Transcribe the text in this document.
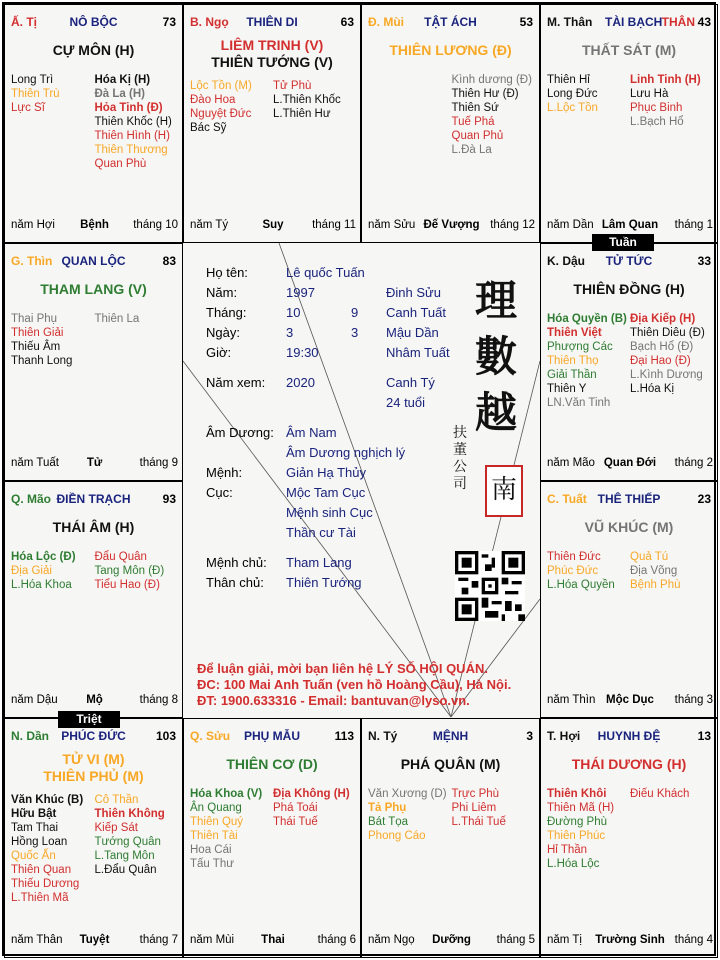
Ấ. Tị	NÔ BỘC	73
CỰ MÔN (H)
Long Trì
Thiên Trù
Lực Sĩ
Hóa Kị (H)
Đà La (H)
Hỏa Tinh (Đ)
Thiên Khốc (H)
Thiên Hình (H)
Thiên Thương
Quan Phù
năm Hợi	Bệnh	tháng 10
B. Ngọ	THIÊN DI	63
LIÊM TRINH (V)
THIÊN TƯỚNG (V)
Lộc Tồn (M)
Đào Hoa
Nguyệt Đức
Bác Sỹ
Tử Phù
L.Thiên Khốc
L.Thiên Hư
năm Tý	Suy	tháng 11
Đ. Mùi	TẬT ÁCH	53
THIÊN LƯƠNG (Đ)
Kình dương (Đ)
Thiên Hư (Đ)
Thiên Sứ
Tuế Phá
Quan Phủ
L.Đà La
năm Sửu Đế Vượng tháng 12
M. Thân TÀI BẠCH THÂN 43
THẤT SÁT (M)
Thiên Hỉ
Long Đức
L.Lộc Tồn
Linh Tinh (H)
Lưu Hà
Phục Binh
L.Bạch Hổ
năm Dần Lâm Quan	tháng 1
G. Thìn QUAN LỘC	83
THAM LANG (V)
Thai Phụ
Thiên Giải
Thiếu Âm
Thanh Long
Thiên La
năm Tuất	Tử	tháng 9
K. Dậu	TỬ TỨC	33
THIÊN ĐỒNG (H)
Hóa Quyền (B)
Thiên Việt
Phượng Các
Thiên Thọ
Giải Thần
Thiên Y
LN.Văn Tinh
Địa Kiếp (H)
Thiên Diêu (Đ)
Bạch Hổ (Đ)
Đại Hao (Đ)
L.Kình Dương
L.Hóa Kị
năm Mão Quan Đới	tháng 2
Q. Mão ĐIỀN TRẠCH	93
THÁI ÂM (H)
Hóa Lộc (Đ)
Địa Giải
L.Hóa Khoa
Đẩu Quân
Tang Môn (Đ)
Tiểu Hao (Đ)
năm Dậu	Mộ	tháng 8
C. Tuất THÊ THIẾP	23
VŨ KHÚC (M)
Thiên Đức
Phúc Đức
L.Hóa Quyền
Quả Tú
Địa Võng
Bệnh Phù
năm Thìn Mộc Dục	tháng 3
N. Dần	PHÚC ĐỨC	103
TỬ VI (M)
THIÊN PHỦ (M)
Văn Khúc (B)
Hữu Bật
Tam Thai
Hồng Loan
Quốc Ấn
Thiên Quan
Thiếu Dương
L.Thiên Mã
Cô Thần
Thiên Không
Kiếp Sát
Tướng Quân
L.Tang Môn
L.Đẩu Quân
năm Thân	Tuyệt	tháng 7
Q. Sửu	PHỤ MẪU	113
THIÊN CƠ (D)
Hóa Khoa (V)
Ân Quang
Thiên Quý
Thiên Tài
Hoa Cái
Tấu Thư
Địa Không (H)
Phá Toái
Thái Tuế
năm Mùi	Thai	tháng 6
N. Tý	MỆNH	3
PHÁ QUÂN (M)
Văn Xương (D)
Tả Phụ
Bát Tọa
Phong Cáo
Trực Phù
Phi Liêm
L.Thái Tuế
năm Ngọ	Dưỡng	tháng 5
T. Hợi	HUYNH ĐỆ	13
THÁI DƯƠNG (H)
Thiên Khôi
Thiên Mã (H)
Đường Phù
Thiên Phúc
Hỉ Thần
L.Hóa Lộc
Điếu Khách
năm Tị	Trường Sinh tháng 4
Tuần
Triệt
Họ tên:	Lê quốc Tuấn
Năm:	1997	Đinh Sửu
Tháng:	10	9 Canh Tuất
Ngày:	3	3 Mậu Dần
Giờ:	19:30	Nhâm Tuất
Năm xem: 2020	Canh Tý
24 tuổi
Âm Dương: Âm Nam
Âm Dương nghịch lý
Mệnh:	Giản Hạ Thủy
Cục:	Mộc Tam Cục
Mệnh sinh Cục
Thần cư Tài
Mệnh chủ: Tham Lang
Thân chủ: Thiên Tướng
理
數
越
扶
董
公
司 南
Để luận giải, mời bạn liên hệ LÝ SỐ HỘI QUÁN.
ĐC: 100 Mai Anh Tuấn (ven hồ Hoàng Cầu), Hà Nội.
ĐT: 1900.633316 - Email: bantuvan@lyso.vn.
